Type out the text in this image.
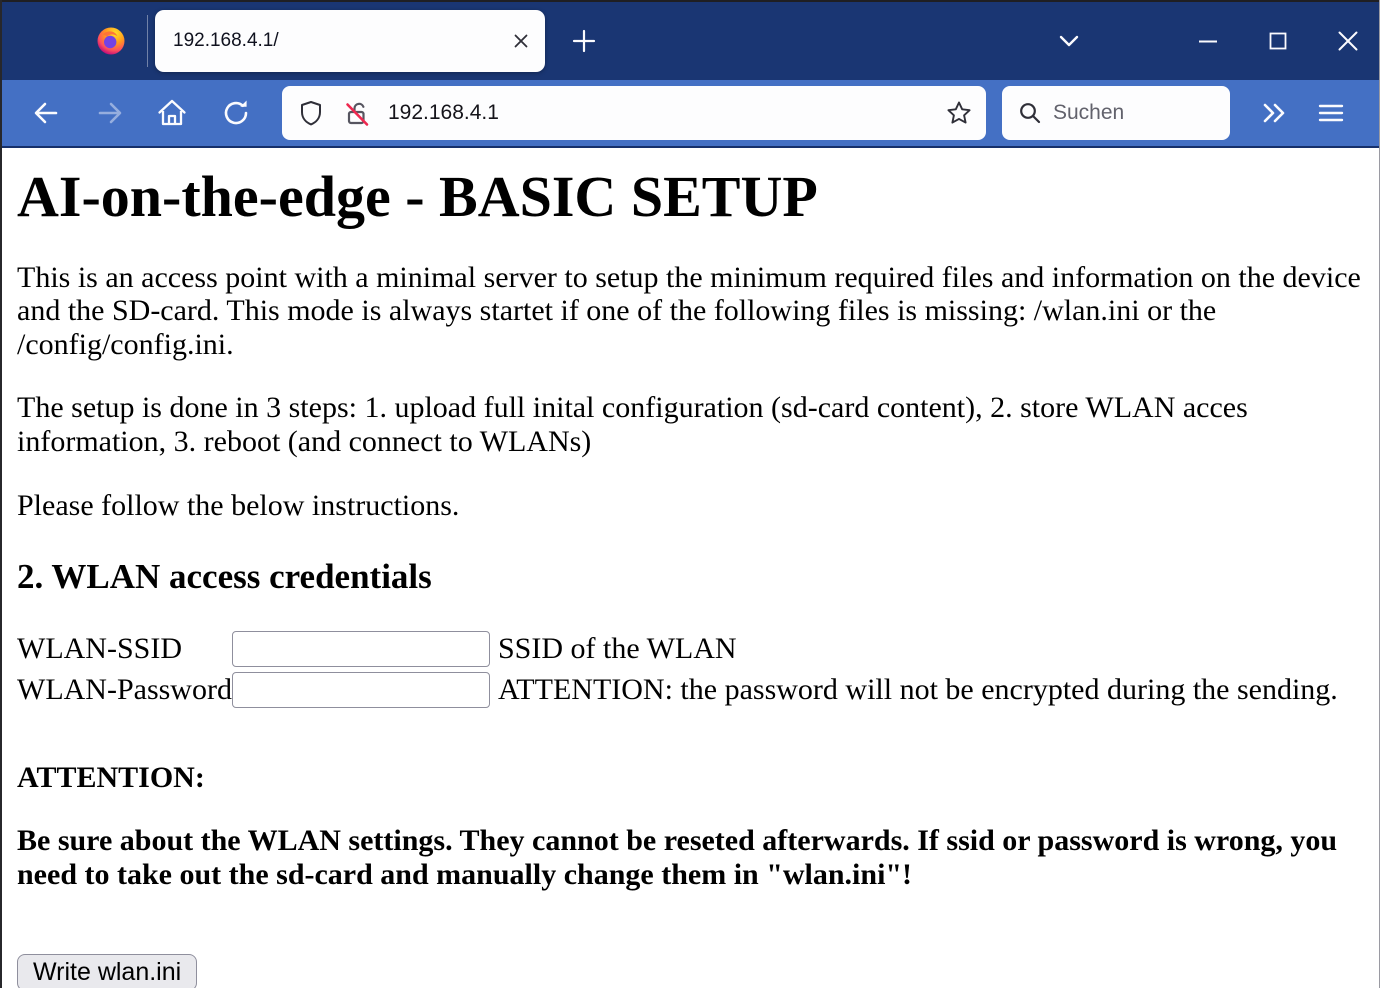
192.168.4.1/
192.168.4.1
Suchen
AI-on-the-edge - BASIC SETUP

This is an access point with a minimal server to setup the minimum required files and information on the device and the SD-card. This mode is always startet if one of the following files is missing: /wlan.ini or the /config/config.ini.

The setup is done in 3 steps: 1. upload full inital configuration (sd-card content), 2. store WLAN acces information, 3. reboot (and connect to WLANs)

Please follow the below instructions.

2. WLAN access credentials
WLAN-SSID		SSID of the WLAN
WLAN-Password		ATTENTION: the password will not be encrypted during the sending.

ATTENTION:

Be sure about the WLAN settings. They cannot be reseted afterwards. If ssid or password is wrong, you need to take out the sd-card and manually change them in "wlan.ini"!

Write wlan.ini
